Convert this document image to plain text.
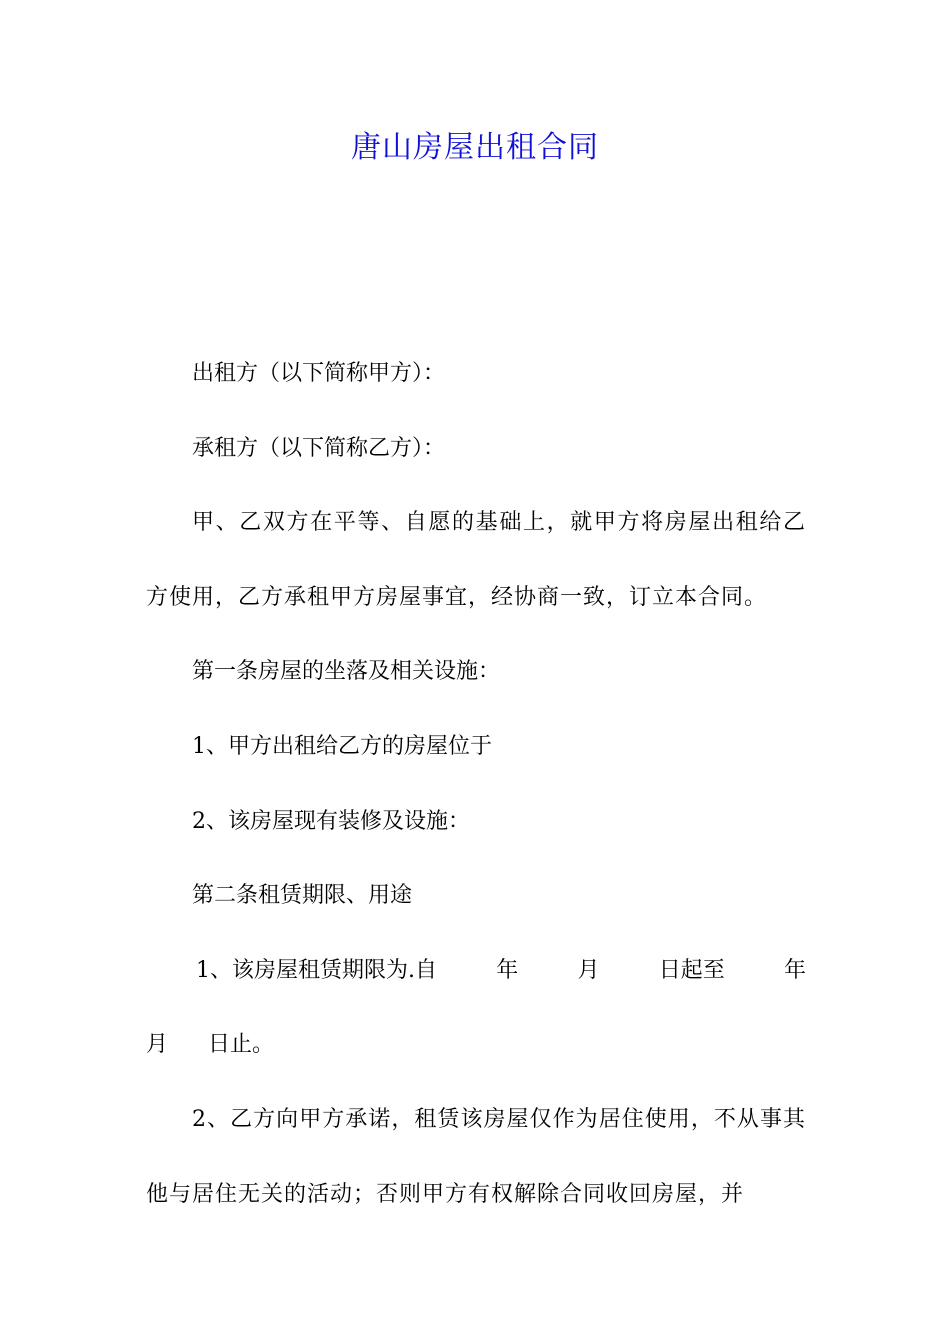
唐山房屋出租合同

出租方（以下简称甲方）：

承租方（以下简称乙方）：

甲、乙双方在平等、自愿的基础上，就甲方将房屋出租给乙方使用，乙方承租甲方房屋事宜，经协商一致，订立本合同。

第一条房屋的坐落及相关设施：

1、甲方出租给乙方的房屋位于

2、该房屋现有装修及设施：

第二条租赁期限、用途

1、该房屋租赁期限为.自	年	月	日起至	年

月 日止。

2、乙方向甲方承诺，租赁该房屋仅作为居住使用，不从事其他与居住无关的活动；否则甲方有权解除合同收回房屋，并
